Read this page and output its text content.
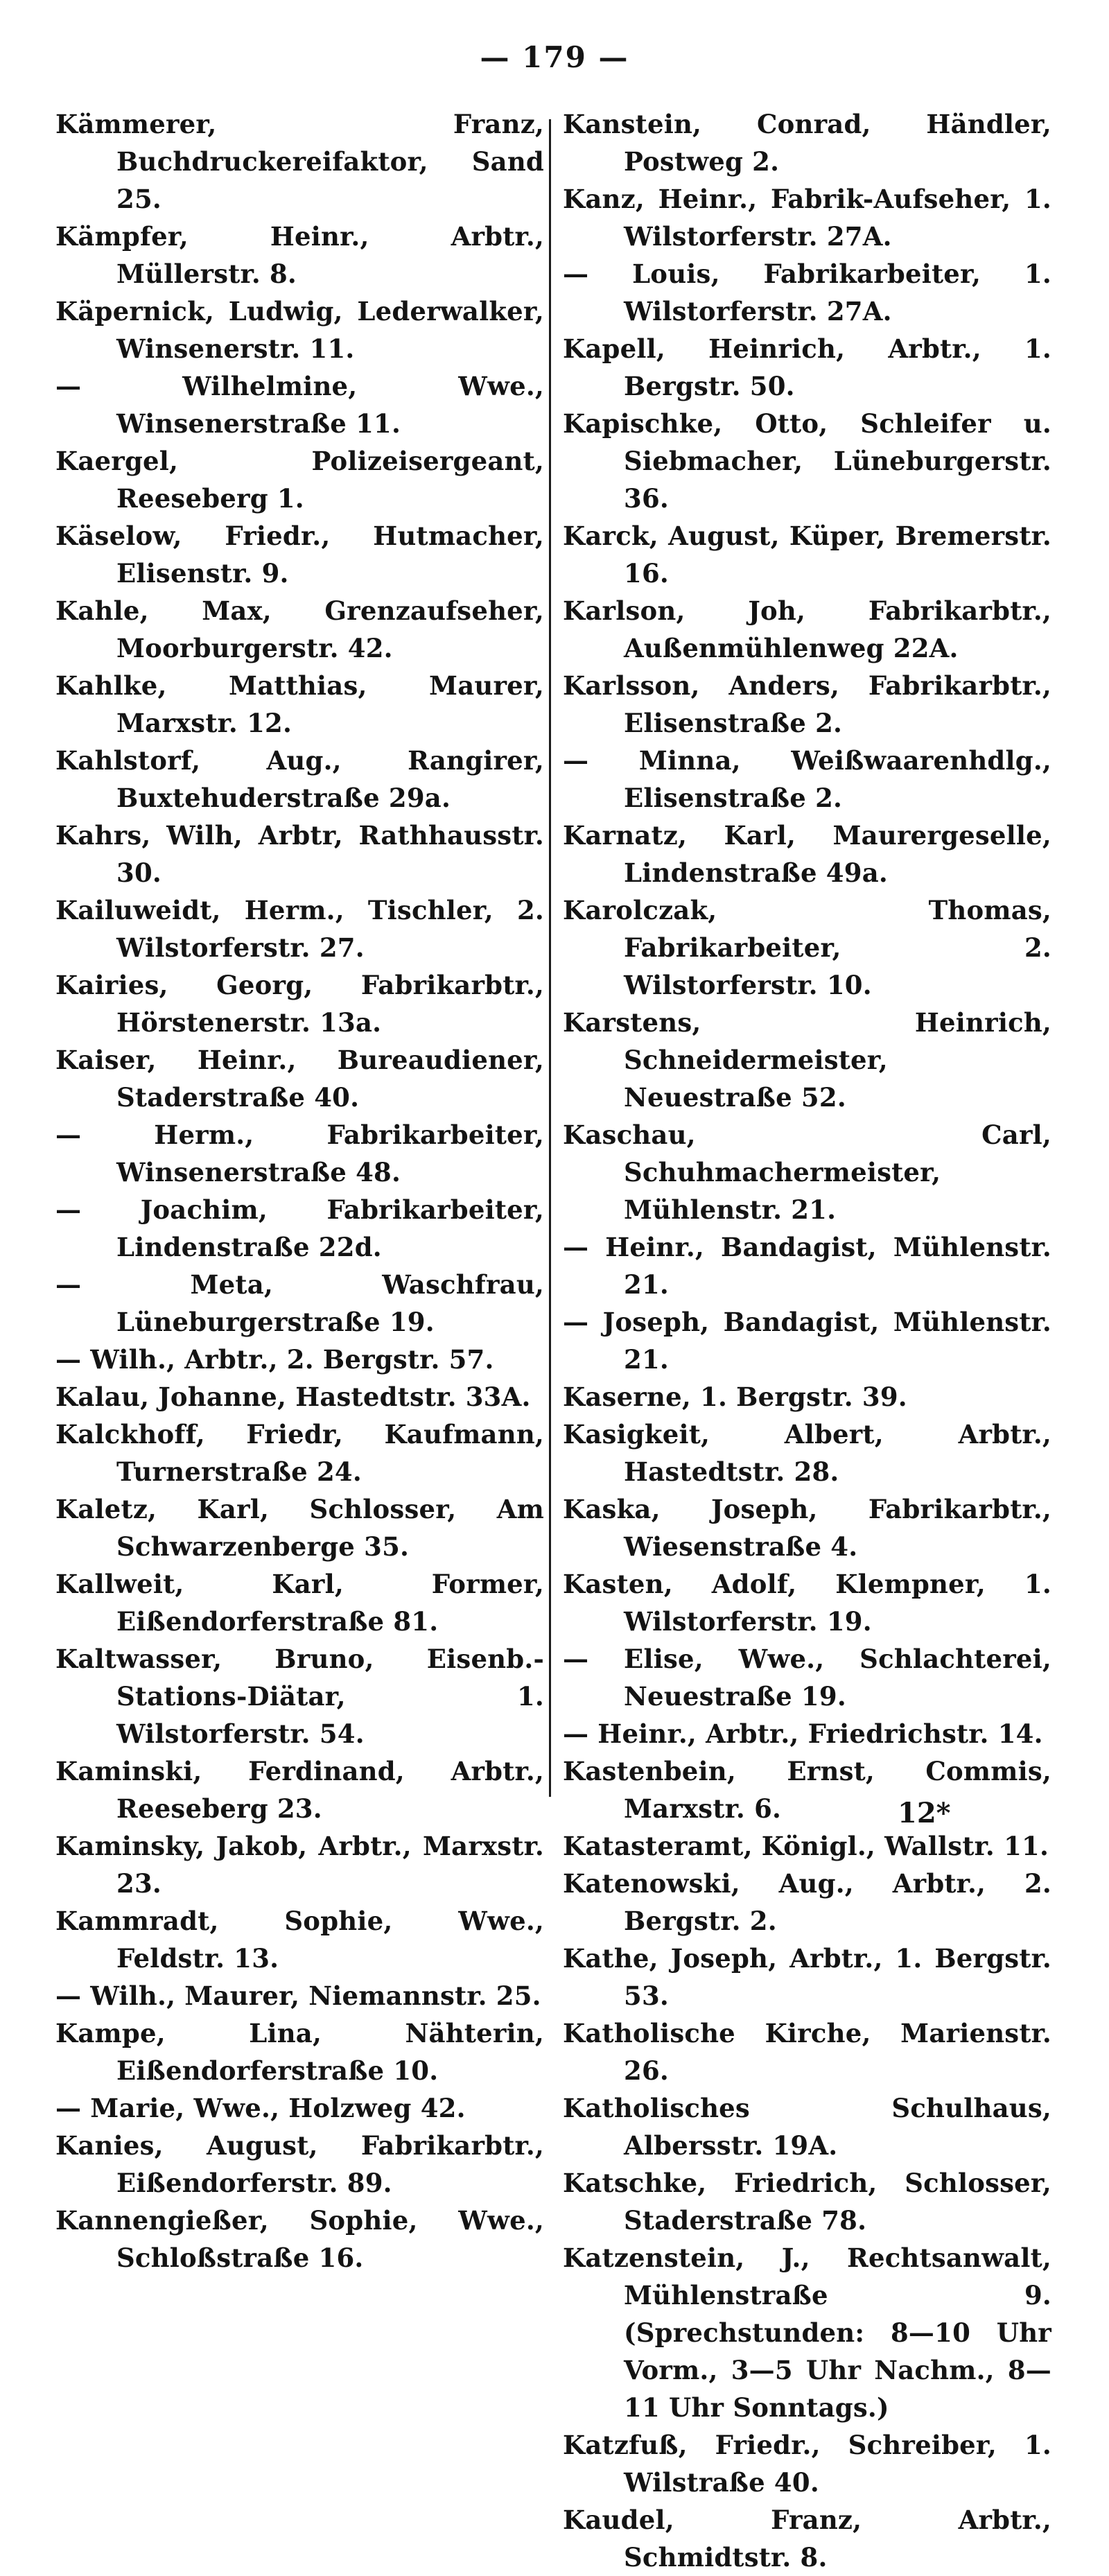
— 179 —
Kämmerer, Franz, Buchdruckereifaktor, Sand 25.
Kämpfer, Heinr., Arbtr., Müllerstr. 8.
Käpernick, Ludwig, Lederwalker, Winsenerstr. 11.
— Wilhelmine, Wwe., Winsenerstraße 11.
Kaergel, Polizeisergeant, Reeseberg 1.
Käselow, Friedr., Hutmacher, Elisenstr. 9.
Kahle, Max, Grenzaufseher, Moorburgerstr. 42.
Kahlke, Matthias, Maurer, Marxstr. 12.
Kahlstorf, Aug., Rangirer, Buxtehuderstraße 29a.
Kahrs, Wilh, Arbtr, Rathhausstr. 30.
Kailuweidt, Herm., Tischler, 2. Wilstorferstr. 27.
Kairies, Georg, Fabrikarbtr., Hörstenerstr. 13a.
Kaiser, Heinr., Bureaudiener, Staderstraße 40.
— Herm., Fabrikarbeiter, Winsenerstraße 48.
— Joachim, Fabrikarbeiter, Lindenstraße 22d.
— Meta, Waschfrau, Lüneburgerstraße 19.
— Wilh., Arbtr., 2. Bergstr. 57.
Kalau, Johanne, Hastedtstr. 33A.
Kalckhoff, Friedr, Kaufmann, Turnerstraße 24.
Kaletz, Karl, Schlosser, Am Schwarzenberge 35.
Kallweit, Karl, Former, Eißendorferstraße 81.
Kaltwasser, Bruno, Eisenb.-Stations-Diätar, 1. Wilstorferstr. 54.
Kaminski, Ferdinand, Arbtr., Reeseberg 23.
Kaminsky, Jakob, Arbtr., Marxstr. 23.
Kammradt, Sophie, Wwe., Feldstr. 13.
— Wilh., Maurer, Niemannstr. 25.
Kampe, Lina, Nähterin, Eißendorferstraße 10.
— Marie, Wwe., Holzweg 42.
Kanies, August, Fabrikarbtr., Eißendorferstr. 89.
Kannengießer, Sophie, Wwe., Schloßstraße 16.
Kanstein, Conrad, Händler, Postweg 2.
Kanz, Heinr., Fabrik-Aufseher, 1. Wilstorferstr. 27A.
— Louis, Fabrikarbeiter, 1. Wilstorferstr. 27A.
Kapell, Heinrich, Arbtr., 1. Bergstr. 50.
Kapischke, Otto, Schleifer u. Siebmacher, Lüneburgerstr. 36.
Karck, August, Küper, Bremerstr. 16.
Karlson, Joh, Fabrikarbtr., Außenmühlenweg 22A.
Karlsson, Anders, Fabrikarbtr., Elisenstraße 2.
— Minna, Weißwaarenhdlg., Elisenstraße 2.
Karnatz, Karl, Maurergeselle, Lindenstraße 49a.
Karolczak, Thomas, Fabrikarbeiter, 2. Wilstorferstr. 10.
Karstens, Heinrich, Schneidermeister, Neuestraße 52.
Kaschau, Carl, Schuhmachermeister, Mühlenstr. 21.
— Heinr., Bandagist, Mühlenstr. 21.
— Joseph, Bandagist, Mühlenstr. 21.
Kaserne, 1. Bergstr. 39.
Kasigkeit, Albert, Arbtr., Hastedtstr. 28.
Kaska, Joseph, Fabrikarbtr., Wiesenstraße 4.
Kasten, Adolf, Klempner, 1. Wilstorferstr. 19.
— Elise, Wwe., Schlachterei, Neuestraße 19.
— Heinr., Arbtr., Friedrichstr. 14.
Kastenbein, Ernst, Commis, Marxstr. 6.
Katasteramt, Königl., Wallstr. 11.
Katenowski, Aug., Arbtr., 2. Bergstr. 2.
Kathe, Joseph, Arbtr., 1. Bergstr. 53.
Katholische Kirche, Marienstr. 26.
Katholisches Schulhaus, Albersstr. 19A.
Katschke, Friedrich, Schlosser, Staderstraße 78.
Katzenstein, J., Rechtsanwalt, Mühlenstraße 9. (Sprechstunden: 8—10 Uhr Vorm., 3—5 Uhr Nachm., 8—11 Uhr Sonntags.)
Katzfuß, Friedr., Schreiber, 1. Wilstraße 40.
Kaudel, Franz, Arbtr., Schmidtstr. 8.
12*
